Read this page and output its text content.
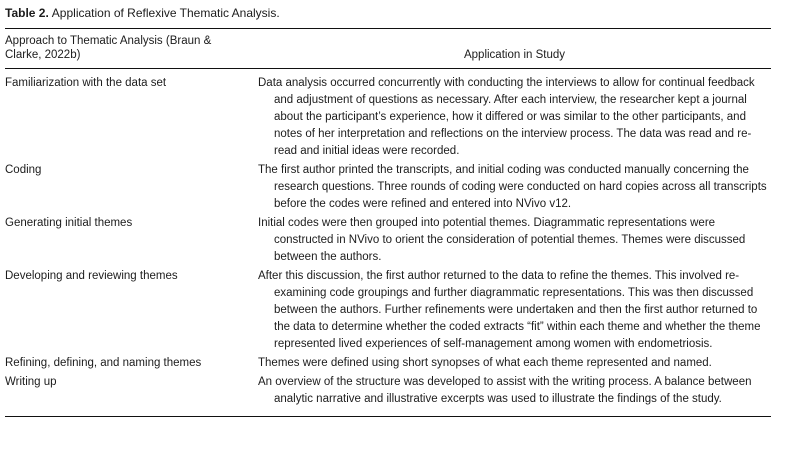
Table 2. Application of Reflexive Thematic Analysis.

Approach to Thematic Analysis (Braun & Clarke, 2022b)	Application in Study
Familiarization with the data set	Data analysis occurred concurrently with conducting the interviews to allow for continual feedback and adjustment of questions as necessary. After each interview, the researcher kept a journal about the participant’s experience, how it differed or was similar to the other participants, and notes of her interpretation and reflections on the interview process. The data was read and re-read and initial ideas were recorded.
Coding	The first author printed the transcripts, and initial coding was conducted manually concerning the research questions. Three rounds of coding were conducted on hard copies across all transcripts before the codes were refined and entered into NVivo v12.
Generating initial themes	Initial codes were then grouped into potential themes. Diagrammatic representations were constructed in NVivo to orient the consideration of potential themes. Themes were discussed between the authors.
Developing and reviewing themes	After this discussion, the first author returned to the data to refine the themes. This involved re-examining code groupings and further diagrammatic representations. This was then discussed between the authors. Further refinements were undertaken and then the first author returned to the data to determine whether the coded extracts “fit” within each theme and whether the theme represented lived experiences of self-management among women with endometriosis.
Refining, defining, and naming themes	Themes were defined using short synopses of what each theme represented and named.
Writing up	An overview of the structure was developed to assist with the writing process. A balance between analytic narrative and illustrative excerpts was used to illustrate the findings of the study.
